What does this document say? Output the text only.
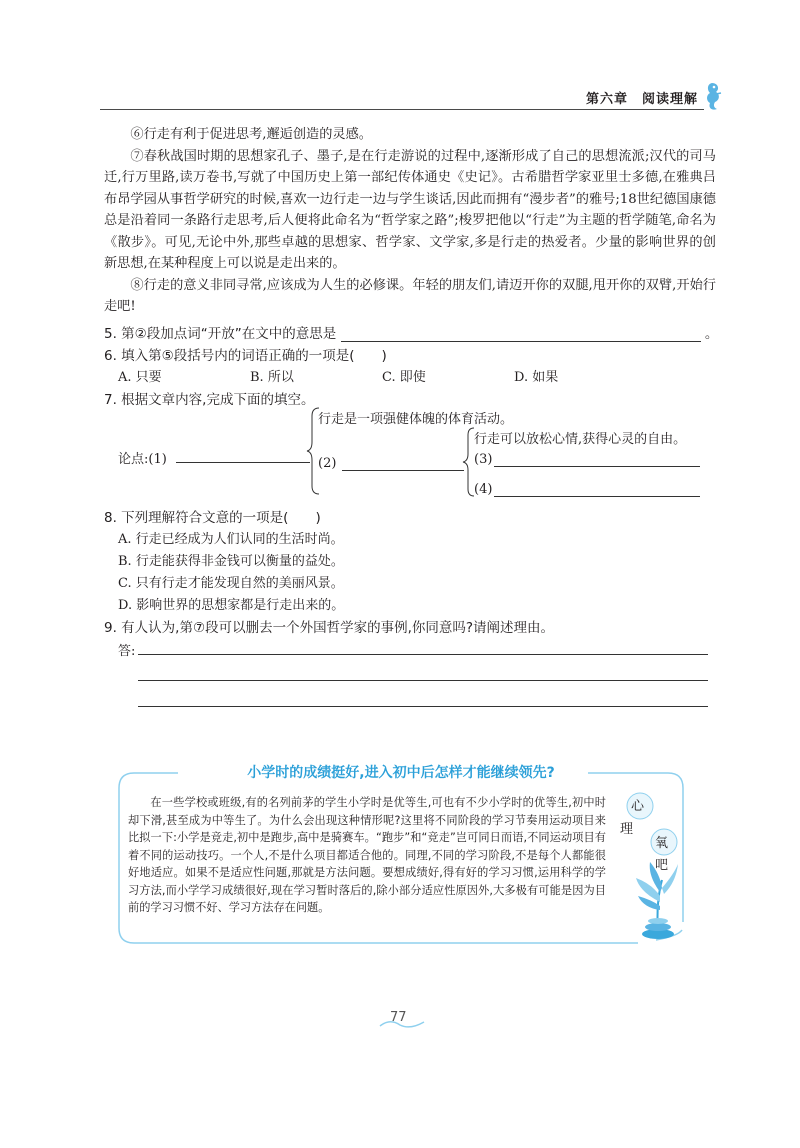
第六章　阅读理解

⑥行走有利于促进思考,邂逅创造的灵感。

⑦春秋战国时期的思想家孔子、墨子,是在行走游说的过程中,逐渐形成了自己的思想流派;汉代的司马迁,行万里路,读万卷书,写就了中国历史上第一部纪传体通史《史记》。古希腊哲学家亚里士多德,在雅典吕布昂学园从事哲学研究的时候,喜欢一边行走一边与学生谈话,因此而拥有“漫步者”的雅号;18世纪德国康德总是沿着同一条路行走思考,后人便将此命名为“哲学家之路”;梭罗把他以“行走”为主题的哲学随笔,命名为《散步》。可见,无论中外,那些卓越的思想家、哲学家、文学家,多是行走的热爱者。少量的影响世界的创新思想,在某种程度上可以说是走出来的。

⑧行走的意义非同寻常,应该成为人生的必修课。年轻的朋友们,请迈开你的双腿,甩开你的双臂,开始行走吧!

5. 第②段加点词“开放”在文中的意思是	。
6. 填入第⑤段括号内的词语正确的一项是(　　)
A. 只要	B. 所以	C. 即使	D. 如果
7. 根据文章内容,完成下面的填空。
论点:(1)
行走是一项强健体魄的体育活动。
(2)
行走可以放松心情,获得心灵的自由。
(3)
(4)
8. 下列理解符合文意的一项是(　　)
A. 行走已经成为人们认同的生活时尚。
B. 行走能获得非金钱可以衡量的益处。
C. 只有行走才能发现自然的美丽风景。
D. 影响世界的思想家都是行走出来的。
9. 有人认为,第⑦段可以删去一个外国哲学家的事例,你同意吗?请阐述理由。
答:
小学时的成绩挺好,进入初中后怎样才能继续领先?
在一些学校或班级,有的名列前茅的学生小学时是优等生,可也有不少小学时的优等生,初中时却下滑,甚至成为中等生了。为什么会出现这种情形呢?这里将不同阶段的学习节奏用运动项目来比拟一下:小学是竞走,初中是跑步,高中是骑赛车。“跑步”和“竞走”岂可同日而语,不同运动项目有着不同的运动技巧。一个人,不是什么项目都适合他的。同理,不同的学习阶段,不是每个人都能很好地适应。如果不是适应性问题,那就是方法问题。要想成绩好,得有好的学习习惯,运用科学的学习方法,而小学学习成绩很好,现在学习暂时落后的,除小部分适应性原因外,大多极有可能是因为目前的学习习惯不好、学习方法存在问题。
心
理
氧
吧
77
